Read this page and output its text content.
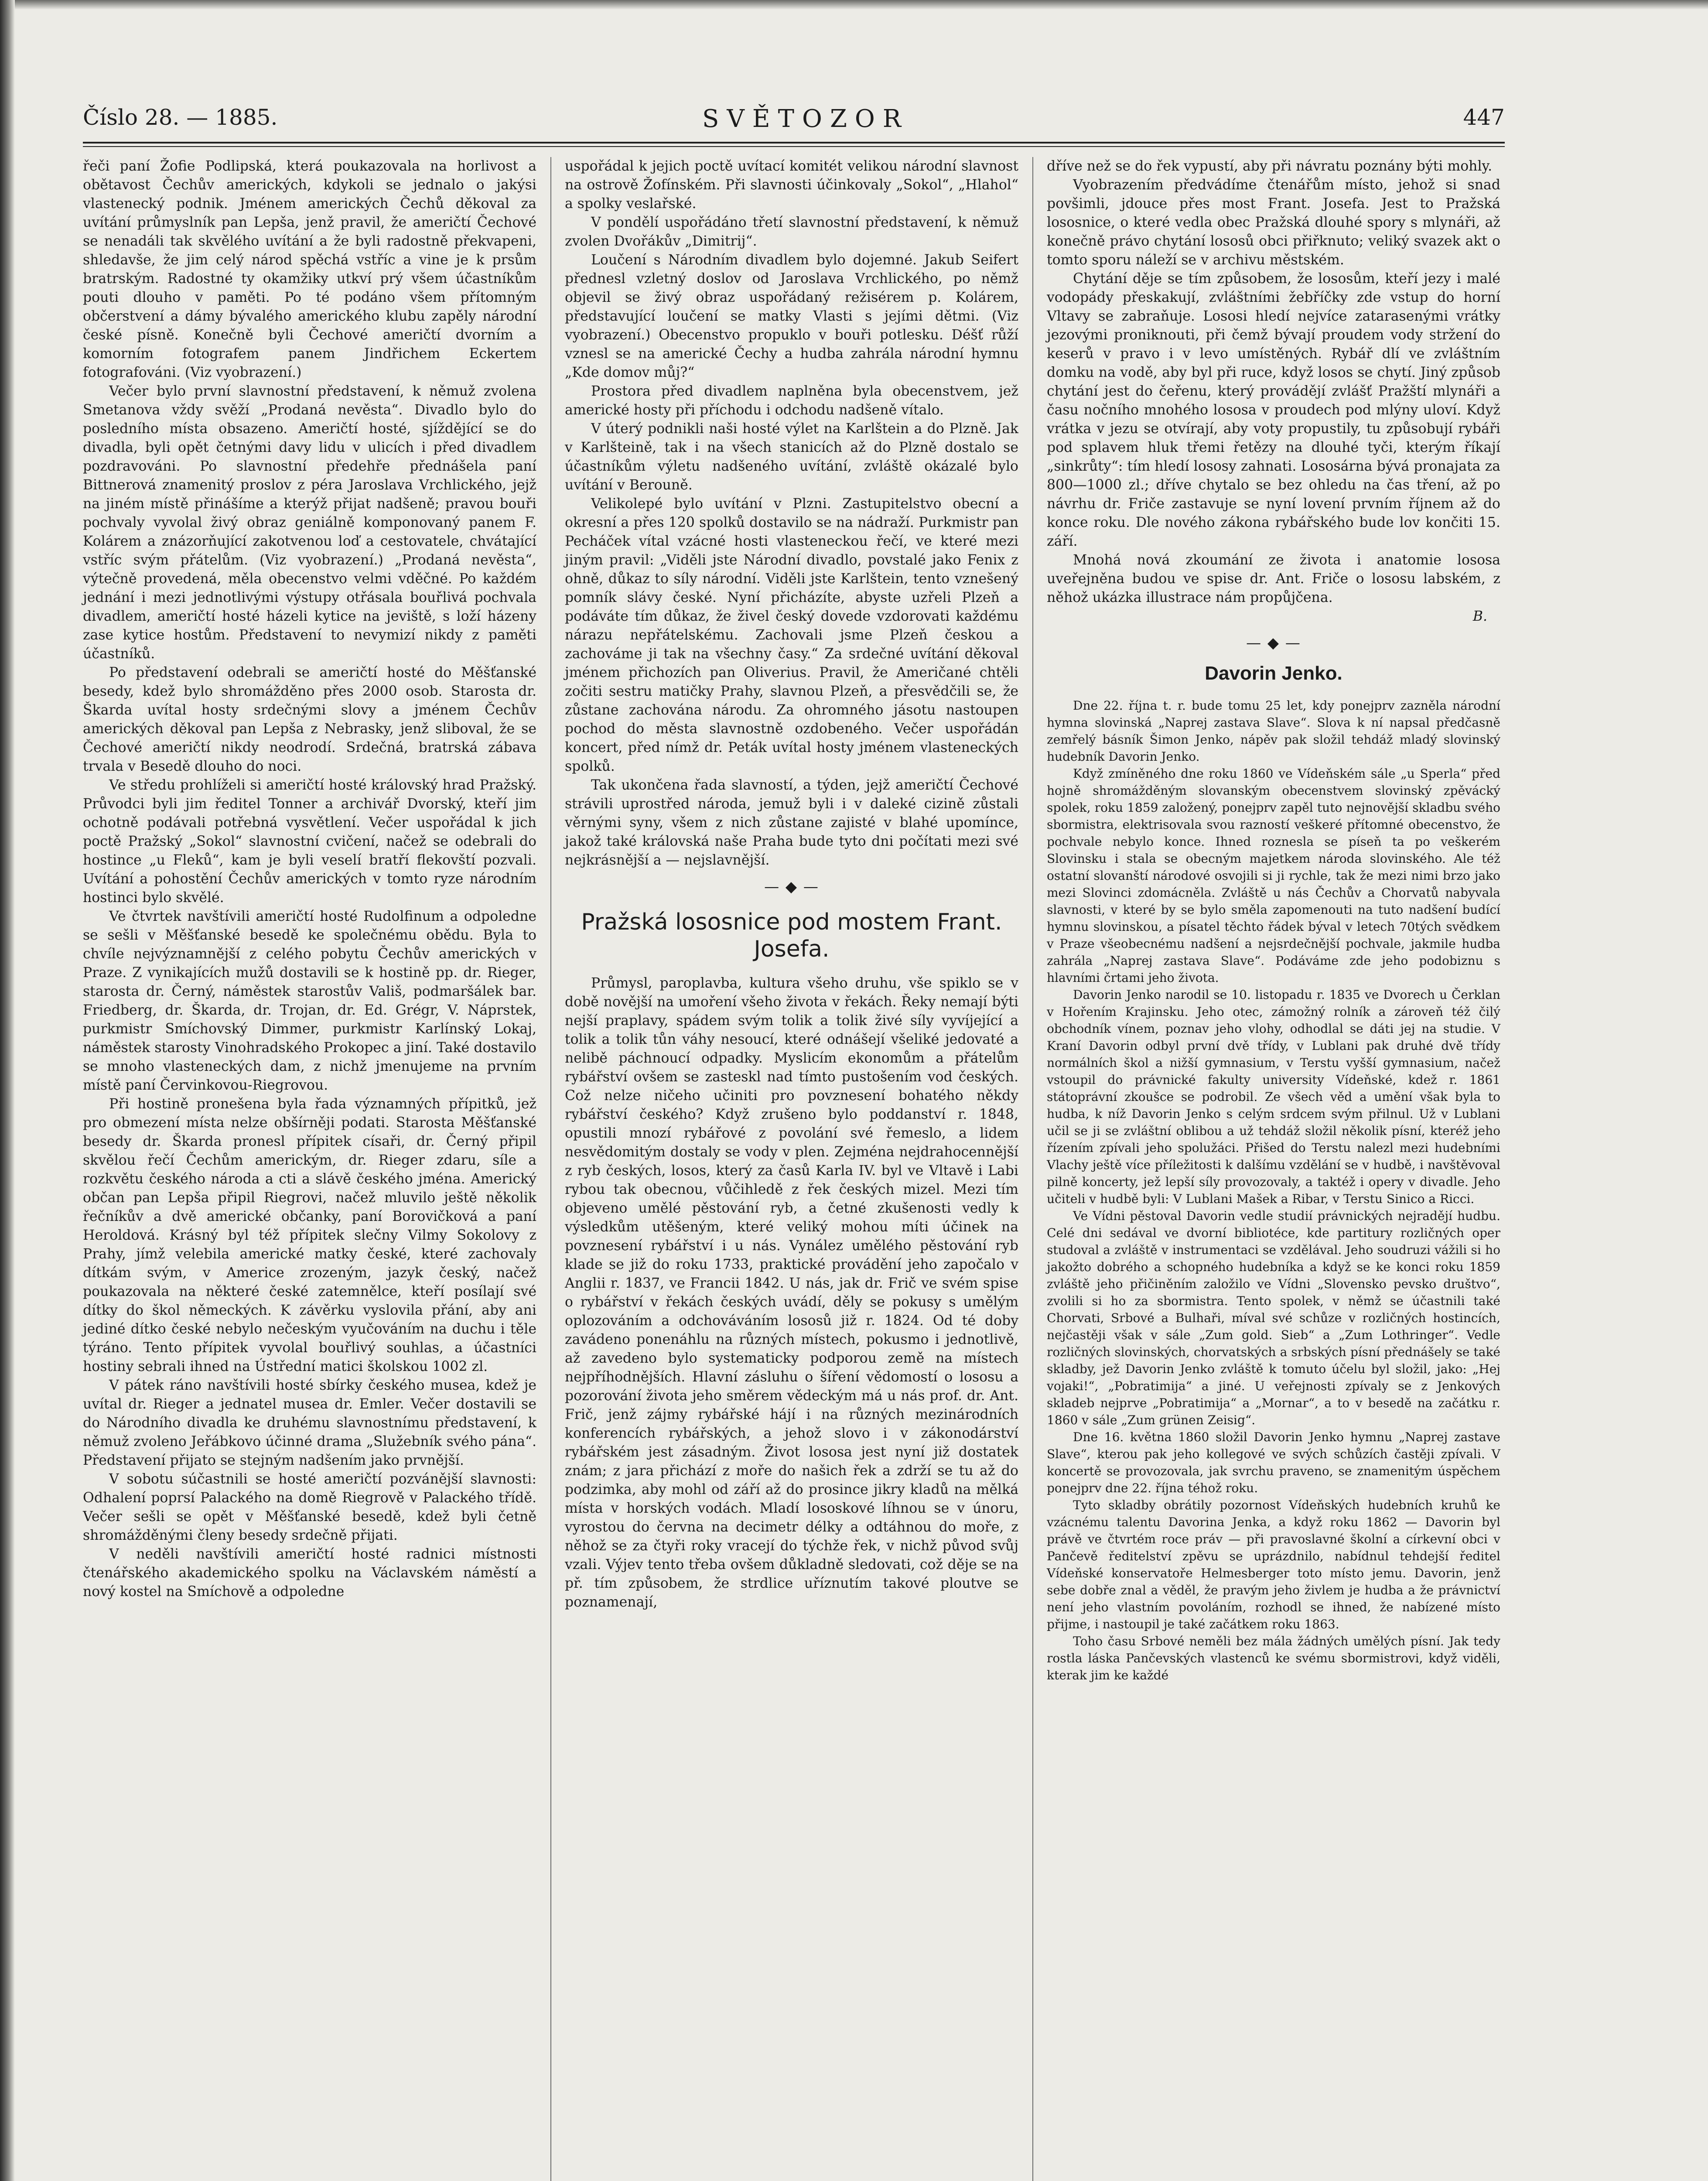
Číslo 28. — 1885.	SVĚTOZOR	447

řeči paní Žofie Podlipská, která poukazovala na horlivost a obětavost Čechův amerických, kdykoli se jednalo o jakýsi vlastenecký podnik. Jménem amerických Čechů děkoval za uvítání průmyslník pan Lepša, jenž pravil, že američtí Čechové se nenadáli tak skvělého uvítání a že byli radostně překvapeni, shledavše, že jim celý národ spěchá vstříc a vine je k prsům bratrským. Radostné ty okamžiky utkví prý všem účastníkům pouti dlouho v paměti. Po té podáno všem přítomným občerstvení a dámy bývalého amerického klubu zapěly národní české písně. Konečně byli Čechové američtí dvorním a komorním fotografem panem Jindřichem Eckertem fotografováni. (Viz vyobrazení.)

Večer bylo první slavnostní představení, k němuž zvolena Smetanova vždy svěží „Prodaná nevěsta“. Divadlo bylo do posledního místa obsazeno. Američtí hosté, sjíždějící se do divadla, byli opět četnými davy lidu v ulicích i před divadlem pozdravováni. Po slavnostní předehře přednášela paní Bittnerová znamenitý proslov z péra Jaroslava Vrchlického, jejž na jiném místě přinášíme a kterýž přijat nadšeně; pravou bouři pochvaly vyvolal živý obraz geniálně komponovaný panem F. Kolárem a znázorňující zakotvenou loď a cestovatele, chvátající vstříc svým přátelům. (Viz vyobrazení.) „Prodaná nevěsta“, výtečně provedená, měla obecenstvo velmi vděčné. Po každém jednání i mezi jednotlivými výstupy otřásala bouřlivá pochvala divadlem, američtí hosté házeli kytice na jeviště, s loží házeny zase kytice hostům. Představení to nevymizí nikdy z paměti účastníků.

Po představení odebrali se američtí hosté do Měšťanské besedy, kdež bylo shromážděno přes 2000 osob. Starosta dr. Škarda uvítal hosty srdečnými slovy a jménem Čechův amerických děkoval pan Lepša z Nebrasky, jenž sliboval, že se Čechové američtí nikdy neodrodí. Srdečná, bratrská zábava trvala v Besedě dlouho do noci.

Ve středu prohlíželi si američtí hosté královský hrad Pražský. Průvodci byli jim ředitel Tonner a archivář Dvorský, kteří jim ochotně podávali potřebná vysvětlení. Večer uspořádal k jich poctě Pražský „Sokol“ slavnostní cvičení, načež se odebrali do hostince „u Fleků“, kam je byli veselí bratří flekovští pozvali. Uvítání a pohostění Čechův amerických v tomto ryze národním hostinci bylo skvělé.

Ve čtvrtek navštívili američtí hosté Rudolfinum a odpoledne se sešli v Měšťanské besedě ke společnému obědu. Byla to chvíle nejvýznamnější z celého pobytu Čechův amerických v Praze. Z vynikajících mužů dostavili se k hostině pp. dr. Rieger, starosta dr. Černý, náměstek starostův Vališ, podmaršálek bar. Friedberg, dr. Škarda, dr. Trojan, dr. Ed. Grégr, V. Náprstek, purkmistr Smíchovský Dimmer, purkmistr Karlínský Lokaj, náměstek starosty Vinohradského Prokopec a jiní. Také dostavilo se mnoho vlasteneckých dam, z nichž jmenujeme na prvním místě paní Červinkovou-Riegrovou.

Při hostině pronešena byla řada významných přípitků, jež pro obmezení místa nelze obšírněji podati. Starosta Měšťanské besedy dr. Škarda pronesl přípitek císaři, dr. Černý připil skvělou řečí Čechům americkým, dr. Rieger zdaru, síle a rozkvětu českého národa a cti a slávě českého jména. Americký občan pan Lepša připil Riegrovi, načež mluvilo ještě několik řečníkův a dvě americké občanky, paní Borovičková a paní Heroldová. Krásný byl též přípitek slečny Vilmy Sokolovy z Prahy, jímž velebila americké matky české, které zachovaly dítkám svým, v Americe zrozeným, jazyk český, načež poukazovala na některé české zatemnělce, kteří posílají své dítky do škol německých. K závěrku vyslovila přání, aby ani jediné dítko české nebylo nečeským vyučováním na duchu i těle týráno. Tento přípitek vyvolal bouřlivý souhlas, a účastníci hostiny sebrali ihned na Ústřední matici školskou 1002 zl.

V pátek ráno navštívili hosté sbírky českého musea, kdež je uvítal dr. Rieger a jednatel musea dr. Emler. Večer dostavili se do Národního divadla ke druhému slavnostnímu představení, k němuž zvoleno Jeřábkovo účinné drama „Služebník svého pána“. Představení přijato se stejným nadšením jako prvnější.

V sobotu súčastnili se hosté američtí pozvánější slavnosti: Odhalení poprsí Palackého na domě Riegrově v Palackého třídě. Večer sešli se opět v Měšťanské besedě, kdež byli četně shromážděnými členy besedy srdečně přijati.

V neděli navštívili američtí hosté radnici místnosti čtenářského akademického spolku na Václavském náměstí a nový kostel na Smíchově a odpoledne

uspořádal k jejich poctě uvítací komitét velikou národní slavnost na ostrově Žofínském. Při slavnosti účinkovaly „Sokol“, „Hlahol“ a spolky veslařské.

V pondělí uspořádáno třetí slavnostní představení, k němuž zvolen Dvořákův „Dimitrij“.

Loučení s Národním divadlem bylo dojemné. Jakub Seifert přednesl vzletný doslov od Jaroslava Vrchlického, po němž objevil se živý obraz uspořádaný režisérem p. Kolárem, představující loučení se matky Vlasti s jejími dětmi. (Viz vyobrazení.) Obecenstvo propuklo v bouři potlesku. Déšť růží vznesl se na americké Čechy a hudba zahrála národní hymnu „Kde domov můj?“

Prostora před divadlem naplněna byla obecenstvem, jež americké hosty při příchodu i odchodu nadšeně vítalo.

V úterý podnikli naši hosté výlet na Karlštein a do Plzně. Jak v Karlšteině, tak i na všech stanicích až do Plzně dostalo se účastníkům výletu nadšeného uvítání, zvláště okázalé bylo uvítání v Berouně.

Velikolepé bylo uvítání v Plzni. Zastupitelstvo obecní a okresní a přes 120 spolků dostavilo se na nádraží. Purkmistr pan Pecháček vítal vzácné hosti vlasteneckou řečí, ve které mezi jiným pravil: „Viděli jste Národní divadlo, povstalé jako Fenix z ohně, důkaz to síly národní. Viděli jste Karlštein, tento vznešený pomník slávy české. Nyní přicházíte, abyste uzřeli Plzeň a podáváte tím důkaz, že živel český dovede vzdorovati každému nárazu nepřátelskému. Zachovali jsme Plzeň českou a zachováme ji tak na všechny časy.“ Za srdečné uvítání děkoval jménem přichozích pan Oliverius. Pravil, že Američané chtěli zočiti sestru matičky Prahy, slavnou Plzeň, a přesvědčili se, že zůstane zachována národu. Za ohromného jásotu nastoupen pochod do města slavnostně ozdobeného. Večer uspořádán koncert, před nímž dr. Peták uvítal hosty jménem vlasteneckých spolků.

Tak ukončena řada slavností, a týden, jejž američtí Čechové strávili uprostřed národa, jemuž byli i v daleké cizině zůstali věrnými syny, všem z nich zůstane zajisté v blahé upomínce, jakož také královská naše Praha bude tyto dni počítati mezi své nejkrásnější a — nejslavnější.

— ◆ —
Pražská lososnice pod mostem Frant. Josefa.

Průmysl, paroplavba, kultura všeho druhu, vše spiklo se v době novější na umoření všeho života v řekách. Řeky nemají býti nejší praplavy, spádem svým tolik a tolik živé síly vyvíjející a tolik a tolik tůn váhy nesoucí, které odnášejí všeliké jedovaté a nelibě páchnoucí odpadky. Myslicím ekonomům a přátelům rybářství ovšem se zasteskl nad tímto pustošením vod českých. Což nelze ničeho učiniti pro povznesení bohatého někdy rybářství českého? Když zrušeno bylo poddanství r. 1848, opustili mnozí rybářové z povolání své řemeslo, a lidem nesvědomitým dostaly se vody v plen. Zejména nejdrahocennější z ryb českých, losos, který za časů Karla IV. byl ve Vltavě i Labi rybou tak obecnou, vůčihledě z řek českých mizel. Mezi tím objeveno umělé pěstování ryb, a četné zkušenosti vedly k výsledkům utěšeným, které veliký mohou míti účinek na povznesení rybářství i u nás. Vynález umělého pěstování ryb klade se již do roku 1733, praktické provádění jeho započalo v Anglii r. 1837, ve Francii 1842. U nás, jak dr. Frič ve svém spise o rybářství v řekách českých uvádí, děly se pokusy s umělým oplozováním a odchováváním lososů již r. 1824. Od té doby zavádeno ponenáhlu na různých místech, pokusmo i jednotlivě, až zavedeno bylo systematicky podporou země na místech nejpříhodnějších. Hlavní zásluhu o šíření vědomostí o lososu a pozorování života jeho směrem vědeckým má u nás prof. dr. Ant. Frič, jenž zájmy rybářské hájí i na různých mezinárodních konferencích rybářských, a jehož slovo i v zákonodárství rybářském jest zásadným. Život lososa jest nyní již dostatek znám; z jara přichází z moře do našich řek a zdrží se tu až do podzimka, aby mohl od září až do prosince jikry kladů na mělká místa v horských vodách. Mladí lososkové líhnou se v únoru, vyrostou do června na decimetr délky a odtáhnou do moře, z něhož se za čtyři roky vracejí do týchže řek, v nichž původ svůj vzali. Výjev tento třeba ovšem důkladně sledovati, což děje se na př. tím způsobem, že strdlice uříznutím takové ploutve se poznamenají,

dříve než se do řek vypustí, aby při návratu poznány býti mohly.

Vyobrazením předvádíme čtenářům místo, jehož si snad povšimli, jdouce přes most Frant. Josefa. Jest to Pražská lososnice, o které vedla obec Pražská dlouhé spory s mlynáři, až konečně právo chytání lososů obci přiřknuto; veliký svazek akt o tomto sporu náleží se v archivu městském.

Chytání děje se tím způsobem, že lososům, kteří jezy i malé vodopády přeskakují, zvláštními žebříčky zde vstup do horní Vltavy se zabraňuje. Lososi hledí nejvíce zatarasenými vrátky jezovými proniknouti, při čemž bývají proudem vody stržení do keserů v pravo i v levo umístěných. Rybář dlí ve zvláštním domku na vodě, aby byl při ruce, když losos se chytí. Jiný způsob chytání jest do čeřenu, který provádějí zvlášť Pražští mlynáři a času nočního mnohého lososa v proudech pod mlýny uloví. Když vrátka v jezu se otvírají, aby voty propustily, tu způsobují rybáři pod splavem hluk třemi řetězy na dlouhé tyči, kterým říkají „sinkrůty“: tím hledí lososy zahnati. Lososárna bývá pronajata za 800—1000 zl.; dříve chytalo se bez ohledu na čas tření, až po návrhu dr. Friče zastavuje se nyní lovení prvním říjnem až do konce roku. Dle nového zákona rybářského bude lov končiti 15. září.

Mnohá nová zkoumání ze života i anatomie lososa uveřejněna budou ve spise dr. Ant. Friče o lososu labském, z něhož ukázka illustrace nám propůjčena.

B.
— ◆ —
Davorin Jenko.

Dne 22. října t. r. bude tomu 25 let, kdy ponejprv zazněla národní hymna slovinská „Naprej zastava Slave“. Slova k ní napsal předčasně zemřelý básník Šimon Jenko, nápěv pak složil tehdáž mladý slovinský hudebník Davorin Jenko.

Když zmíněného dne roku 1860 ve Vídeňském sále „u Sperla“ před hojně shromážděným slovanským obecenstvem slovinský zpěvácký spolek, roku 1859 založený, ponejprv zapěl tuto nejnovější skladbu svého sbormistra, elektrisovala svou razností veškeré přítomné obecenstvo, že pochvale nebylo konce. Ihned roznesla se píseň ta po veškerém Slovinsku i stala se obecným majetkem národa slovinského. Ale též ostatní slovanští národové osvojili si ji rychle, tak že mezi nimi brzo jako mezi Slovinci zdomácněla. Zvláště u nás Čechův a Chorvatů nabyvala slavnosti, v které by se bylo směla zapomenouti na tuto nadšení budící hymnu slovinskou, a písatel těchto řádek býval v letech 70tých svědkem v Praze všeobecnému nadšení a nejsrdečnější pochvale, jakmile hudba zahrála „Naprej zastava Slave“. Podáváme zde jeho podobiznu s hlavními črtami jeho života.

Davorin Jenko narodil se 10. listopadu r. 1835 ve Dvorech u Čerklan v Hořením Krajinsku. Jeho otec, zámožný rolník a zároveň též čilý obchodník vínem, poznav jeho vlohy, odhodlal se dáti jej na studie. V Kraní Davorin odbyl první dvě třídy, v Lublani pak druhé dvě třídy normálních škol a nižší gymnasium, v Terstu vyšší gymnasium, načež vstoupil do právnické fakulty university Vídeňské, kdež r. 1861 státoprávní zkoušce se podrobil. Ze všech věd a umění však byla to hudba, k níž Davorin Jenko s celým srdcem svým přilnul. Už v Lublani učil se ji se zvláštní oblibou a už tehdáž složil několik písní, kteréž jeho řízením zpívali jeho spolužáci. Přišed do Terstu nalezl mezi hudebními Vlachy ještě více příležitosti k dalšímu vzdělání se v hudbě, i navštěvoval pilně koncerty, jež lepší síly provozovaly, a taktéž i opery v divadle. Jeho učiteli v hudbě byli: V Lublani Mašek a Ribar, v Terstu Sinico a Ricci.

Ve Vídni pěstoval Davorin vedle studií právnických nejradějí hudbu. Celé dni sedával ve dvorní bibliotéce, kde partitury rozličných oper studoval a zvláště v instrumentaci se vzdělával. Jeho soudruzi vážili si ho jakožto dobrého a schopného hudebníka a když se ke konci roku 1859 zvláště jeho přičiněním založilo ve Vídni „Slovensko pevsko društvo“, zvolili si ho za sbormistra. Tento spolek, v němž se účastnili také Chorvati, Srbové a Bulhaři, míval své schůze v rozličných hostincích, nejčastěji však v sále „Zum gold. Sieb“ a „Zum Lothringer“. Vedle rozličných slovinských, chorvatských a srbských písní přednášely se také skladby, jež Davorin Jenko zvláště k tomuto účelu byl složil, jako: „Hej vojaki!“, „Pobratimija“ a jiné. U veřejnosti zpívaly se z Jenkových skladeb nejprve „Pobratimija“ a „Mornar“, a to v besedě na začátku r. 1860 v sále „Zum grünen Zeisig“.

Dne 16. května 1860 složil Davorin Jenko hymnu „Naprej zastave Slave“, kterou pak jeho kollegové ve svých schůzích častěji zpívali. V koncertě se provozovala, jak svrchu praveno, se znamenitým úspěchem ponejprv dne 22. října téhož roku.

Tyto skladby obrátily pozornost Vídeňských hudebních kruhů ke vzácnému talentu Davorina Jenka, a když roku 1862 — Davorin byl právě ve čtvrtém roce práv — při pravoslavné školní a církevní obci v Pančevě ředitelství zpěvu se uprázdnilo, nabídnul tehdejší ředitel Vídeňské konservatoře Helmesberger toto místo jemu. Davorin, jenž sebe dobře znal a věděl, že pravým jeho živlem je hudba a že právnictví není jeho vlastním povoláním, rozhodl se ihned, že nabízené místo přijme, i nastoupil je také začátkem roku 1863.

Toho času Srbové neměli bez mála žádných umělých písní. Jak tedy rostla láska Pančevských vlastenců ke svému sbormistrovi, když viděli, kterak jim ke každé
